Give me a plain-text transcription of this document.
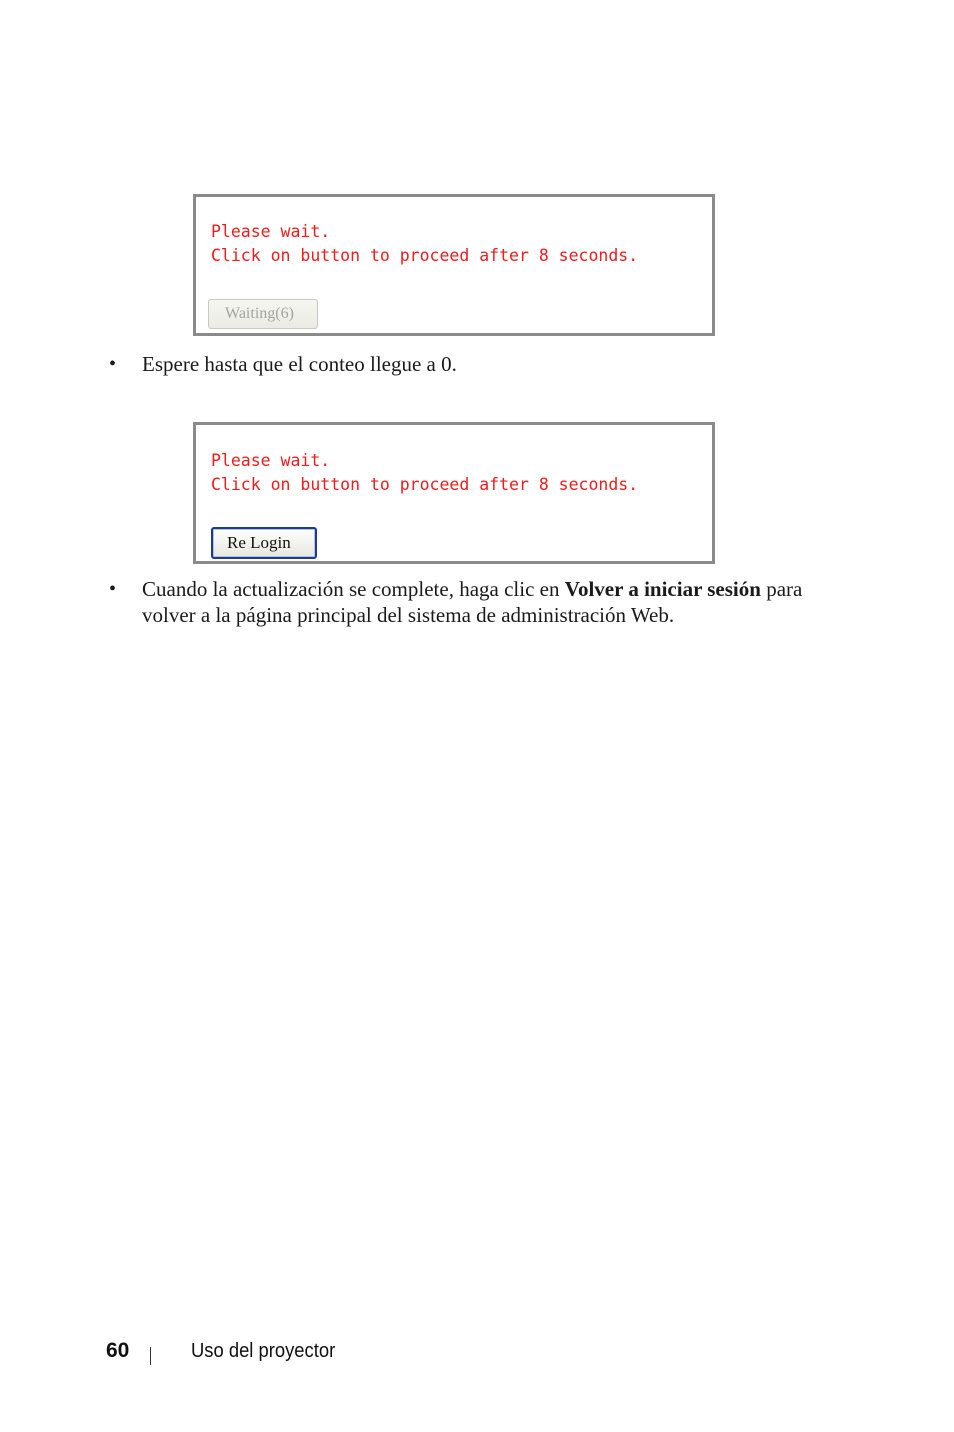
Please wait.
Click on button to proceed after 8 seconds.
Waiting(6)
• Espere hasta que el conteo llegue a 0.
Please wait.
Click on button to proceed after 8 seconds.
Re Login
• Cuando la actualización se complete, haga clic en Volver a iniciar sesión para volver a la página principal del sistema de administración Web.
60	Uso del proyector
